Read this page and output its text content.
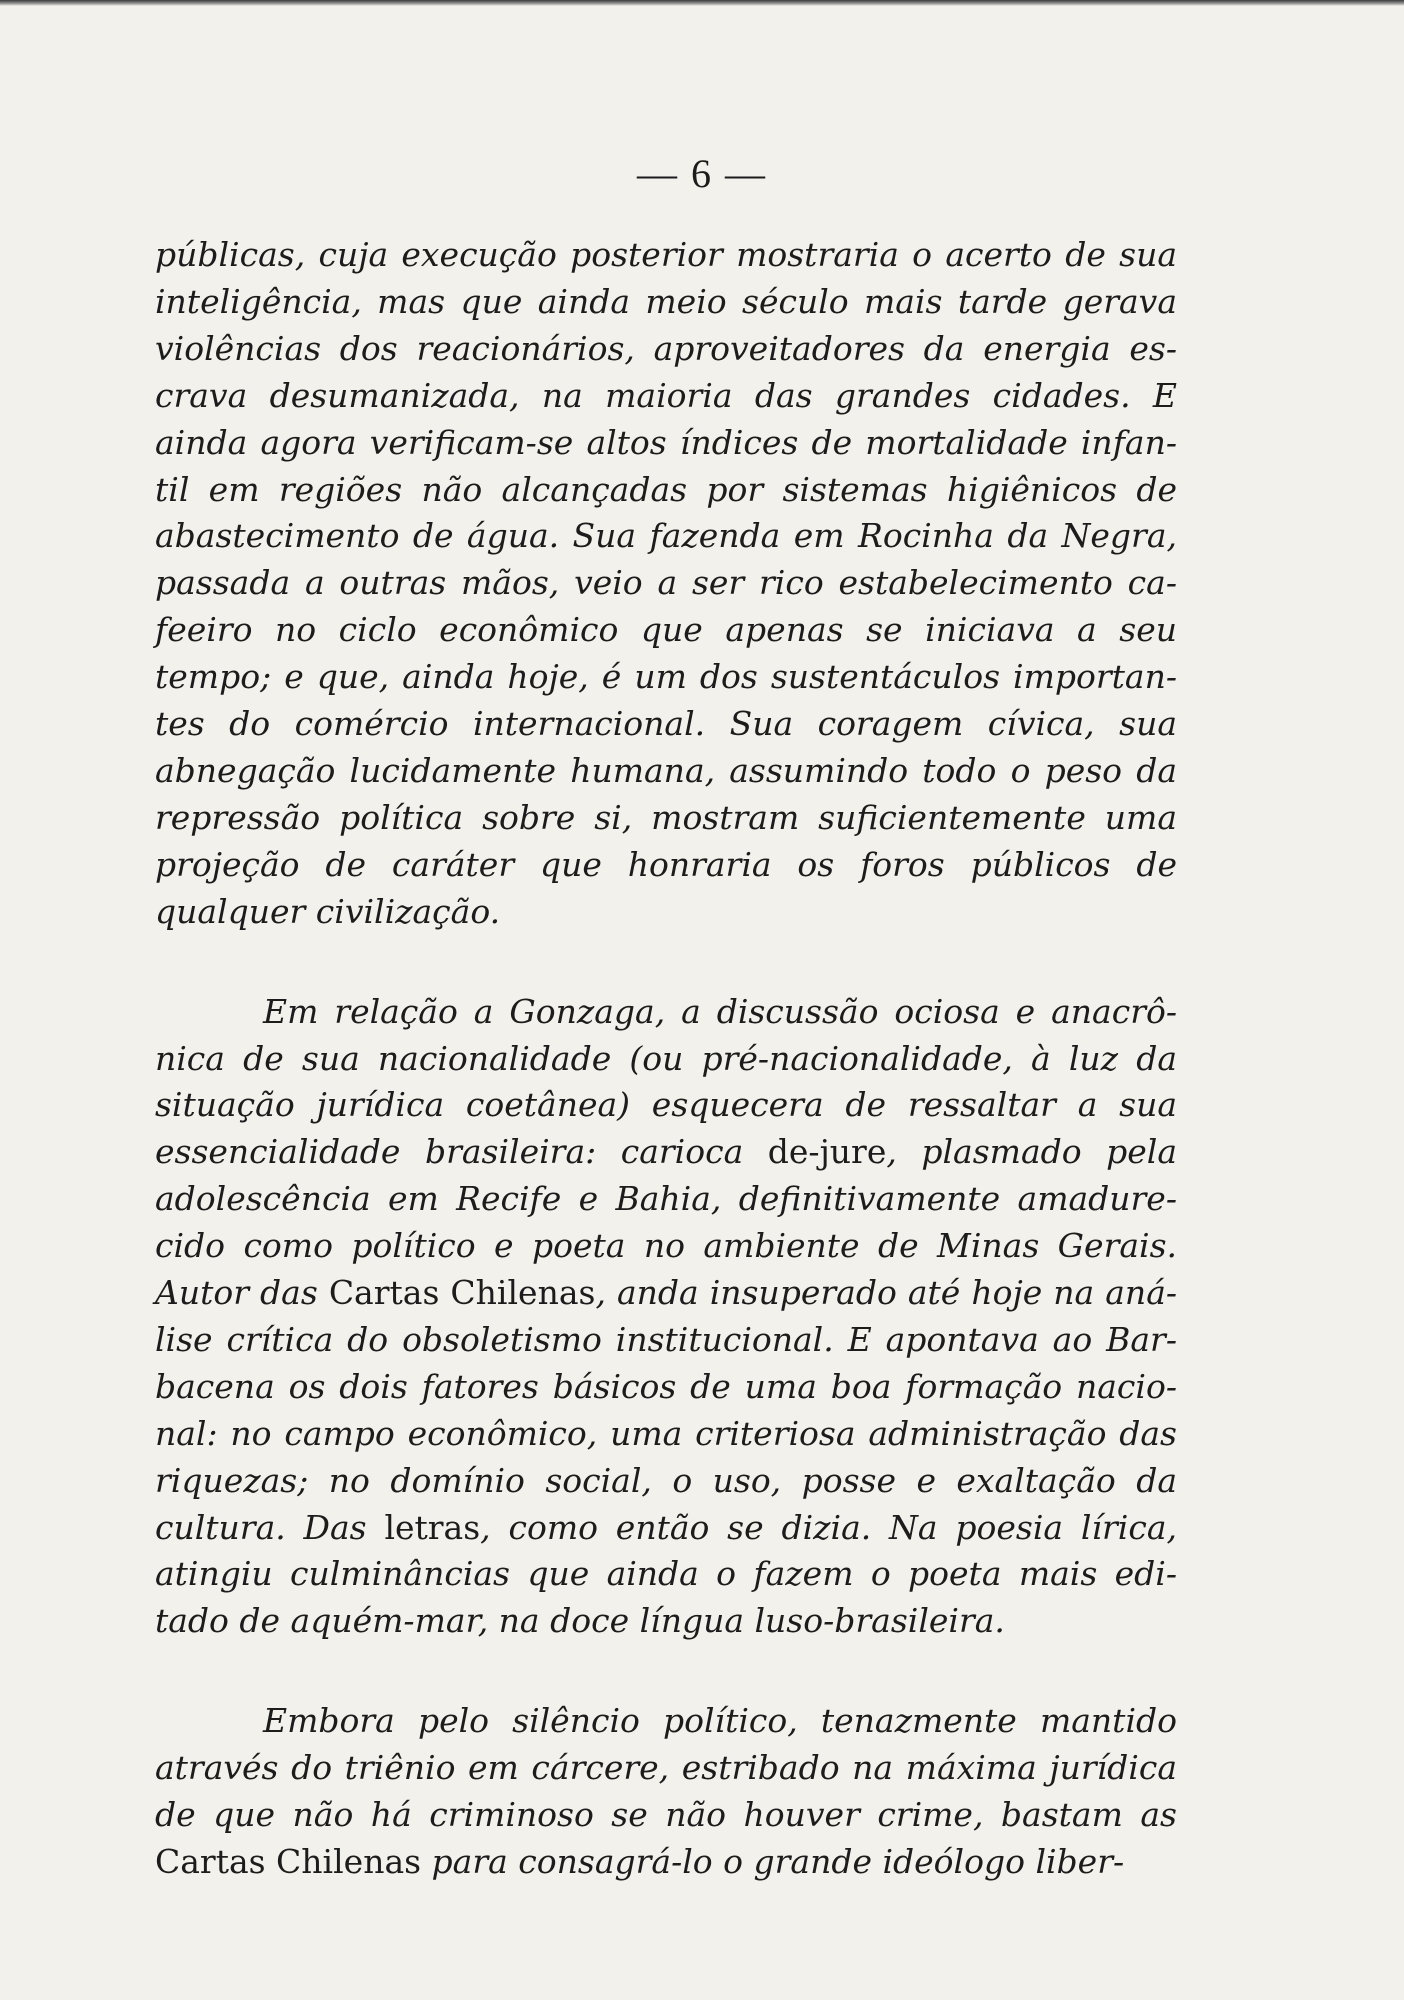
— 6 —

públicas, cuja execução posterior mostraria o acerto de sua inteligência, mas que ainda meio século mais tarde gerava violências dos reacionários, aproveitadores da energia escrava desumanizada, na maioria das grandes cidades. E ainda agora verificam-se altos índices de mortalidade infantil em regiões não alcançadas por sistemas higiênicos de abastecimento de água. Sua fazenda em Rocinha da Negra, passada a outras mãos, veio a ser rico estabelecimento cafeeiro no ciclo econômico que apenas se iniciava a seu tempo; e que, ainda hoje, é um dos sustentáculos importantes do comércio internacional. Sua coragem cívica, sua abnegação lucidamente humana, assumindo todo o peso da repressão política sobre si, mostram suficientemente uma projeção de caráter que honraria os foros públicos de qualquer civilização.

Em relação a Gonzaga, a discussão ociosa e anacrônica de sua nacionalidade (ou pré-nacionalidade, à luz da situação jurídica coetânea) esquecera de ressaltar a sua essencialidade brasileira: carioca de-jure, plasmado pela adolescência em Recife e Bahia, definitivamente amadurecido como político e poeta no ambiente de Minas Gerais. Autor das Cartas Chilenas, anda insuperado até hoje na análise crítica do obsoletismo institucional. E apontava ao Barbacena os dois fatores básicos de uma boa formação nacional: no campo econômico, uma criteriosa administração das riquezas; no domínio social, o uso, posse e exaltação da cultura. Das letras, como então se dizia. Na poesia lírica, atingiu culminâncias que ainda o fazem o poeta mais editado de aquém-mar, na doce língua luso-brasileira.

Embora pelo silêncio político, tenazmente mantido através do triênio em cárcere, estribado na máxima jurídica de que não há criminoso se não houver crime, bastam as Cartas Chilenas para consagrá-lo o grande ideólogo liber-
